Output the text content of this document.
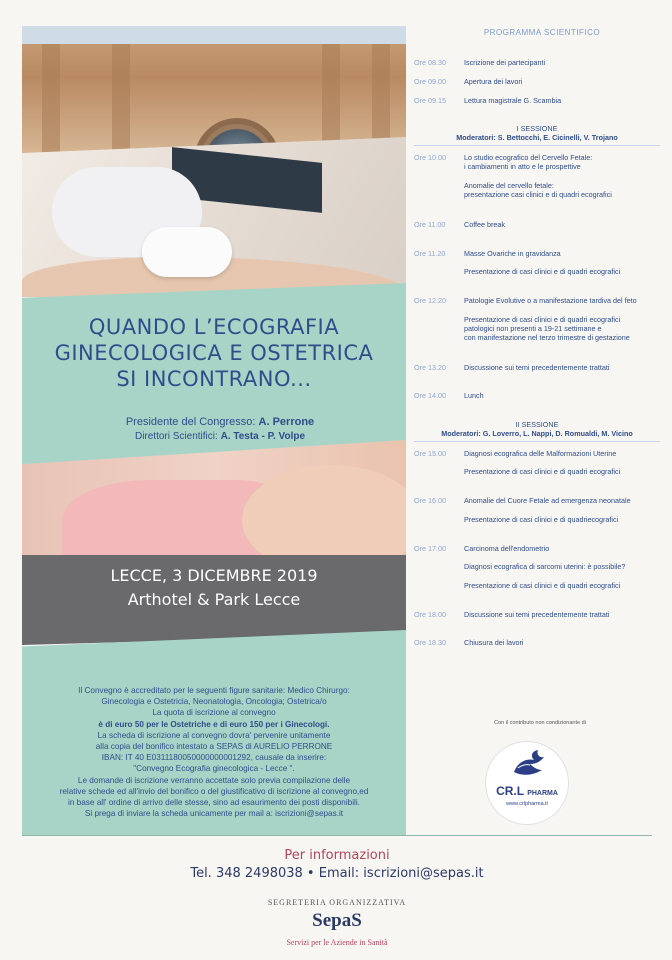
QUANDO L’ECOGRAFIA
GINECOLOGICA E OSTETRICA
SI INCONTRANO...
Presidente del Congresso: A. Perrone
Direttori Scientifici: A. Testa - P. Volpe
LECCE, 3 DICEMBRE 2019
Arthotel & Park Lecce

Il Convegno è accreditato per le seguenti figure sanitarie: Medico Chirurgo:

Ginecologia e Ostetricia, Neonatologia, Oncologia; Ostetrica/o

La quota di iscrizione al convegno

è di euro 50 per le Ostetriche e di euro 150 per i Ginecologi.

La scheda di iscrizione al convegno dovra' pervenire unitamente

alla copia del bonifico intestato a SEPAS di AURELIO PERRONE

IBAN: IT 40 E0311180050000000001292, causale da inserire:

"Convegno Ecografia ginecologica - Lecce ".

Le domande di iscrizione verranno accettate solo previa compilazione delle

relative schede ed all'invio del bonifico o del giustificativo di iscrizione al convegno,ed

in base all' ordine di arrivo delle stesse, sino ad esaurimento dei posti disponibili.

Si prega di inviare la scheda unicamente per mail a: iscrizioni@sepas.it

PROGRAMMA SCIENTIFICO
Ore 08.30	Iscrizione dei partecipanti
Ore 09.00	Apertura dei lavori
Ore 09.15	Lettura magistrale G. Scambia
I SESSIONE
Moderatori: S. Bettocchi, E. Cicinelli, V. Trojano
Ore 10.00	Lo studio ecografico del Cervello Fetale:
i cambiamenti in atto e le prospettive
Anomalie del cervello fetale:
presentazione casi clinici e di quadri ecografici
Ore 11.00	Coffee break
Ore 11.20	Masse Ovariche in gravidanza
Presentazione di casi clinici e di quadri ecografici
Ore 12.20	Patologie Evolutive o a manifestazione tardiva del feto
Presentazione di casi clinici e di quadri ecografici
patologici non presenti a 19-21 settimane e
con manifestazione nel terzo trimestre di gestazione
Ore 13.20	Discussione sui temi precedentemente trattati
Ore 14.00	Lunch
II SESSIONE
Moderatori: G. Loverro, L. Nappi, D. Romualdi, M. Vicino
Ore 15.00	Diagnosi ecografica delle Malformazioni Uterine
Presentazione di casi clinici e di quadri ecografici
Ore 16.00	Anomalie del Cuore Fetale ad emergenza neonatale
Presentazione di casi clinici e di quadriecografici
Ore 17.00	Carcinoma dell'endometrio
Diagnosi ecografica di sarcomi uterini: è possibile?
Presentazione di casi clinici e di quadri ecografici
Ore 18.00	Discussione sui temi precedentemente trattati
Ore 18.30	Chiusura dei lavori
Con il contributo non condizionante di
CR.L PHARMA
www.crlpharma.it
Per informazioni
Tel. 348 2498038 • Email: iscrizioni@sepas.it
SEGRETERIA ORGANIZZATIVA
SepaS
Servizi per le Aziende in Sanità
